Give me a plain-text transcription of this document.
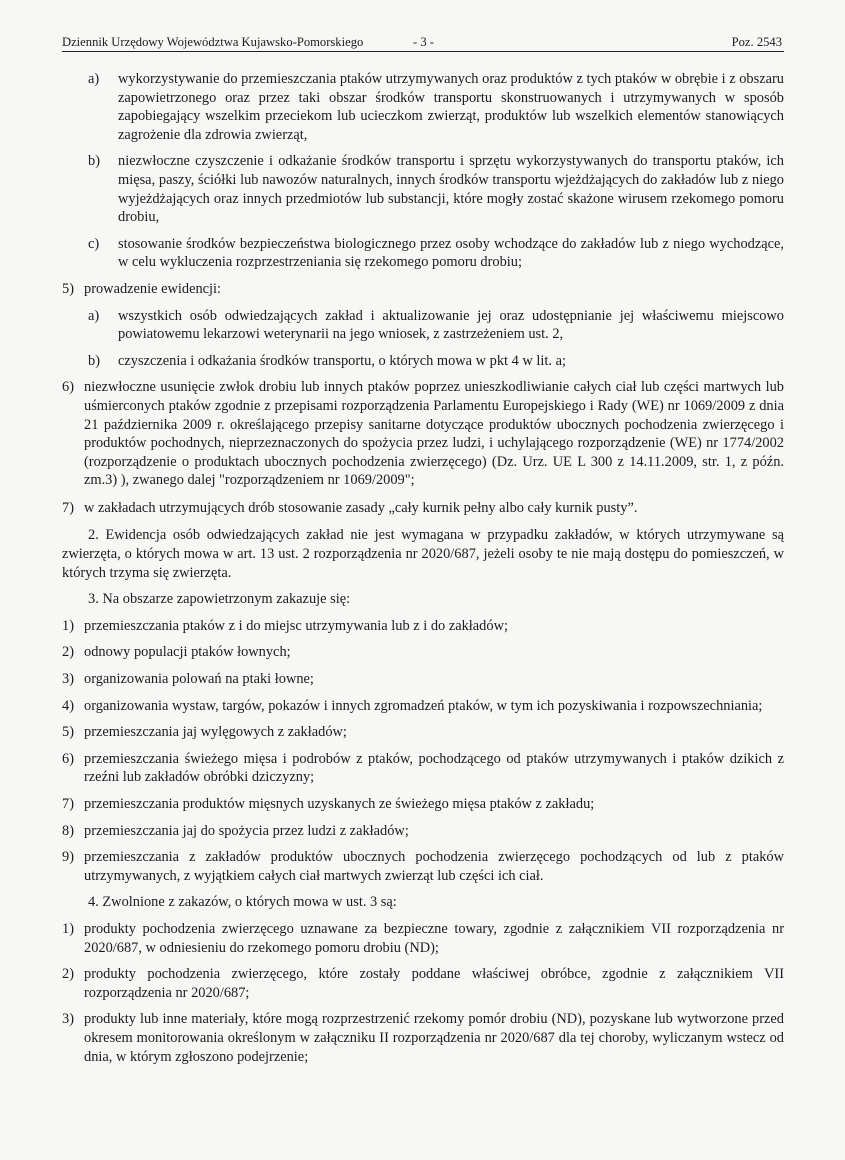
Dziennik Urzędowy Województwa Kujawsko-Pomorskiego	- 3 -	Poz. 2543

a) wykorzystywanie do przemieszczania ptaków utrzymywanych oraz produktów z tych ptaków w obrębie i z obszaru zapowietrzonego oraz przez taki obszar środków transportu skonstruowanych i utrzymywanych w sposób zapobiegający wszelkim przeciekom lub ucieczkom zwierząt, produktów lub wszelkich elementów stanowiących zagrożenie dla zdrowia zwierząt,

b) niezwłoczne czyszczenie i odkażanie środków transportu i sprzętu wykorzystywanych do transportu ptaków, ich mięsa, paszy, ściółki lub nawozów naturalnych, innych środków transportu wjeżdżających do zakładów lub z niego wyjeżdżających oraz innych przedmiotów lub substancji, które mogły zostać skażone wirusem rzekomego pomoru drobiu,

c) stosowanie środków bezpieczeństwa biologicznego przez osoby wchodzące do zakładów lub z niego wychodzące, w celu wykluczenia rozprzestrzeniania się rzekomego pomoru drobiu;

5) prowadzenie ewidencji:

a) wszystkich osób odwiedzających zakład i aktualizowanie jej oraz udostępnianie jej właściwemu miejscowo powiatowemu lekarzowi weterynarii na jego wniosek, z zastrzeżeniem ust. 2,

b) czyszczenia i odkażania środków transportu, o których mowa w pkt 4 w lit. a;

6) niezwłoczne usunięcie zwłok drobiu lub innych ptaków poprzez unieszkodliwianie całych ciał lub części martwych lub uśmierconych ptaków zgodnie z przepisami rozporządzenia Parlamentu Europejskiego i Rady (WE) nr 1069/2009 z dnia 21 października 2009 r. określającego przepisy sanitarne dotyczące produktów ubocznych pochodzenia zwierzęcego i produktów pochodnych, nieprzeznaczonych do spożycia przez ludzi, i uchylającego rozporządzenie (WE) nr 1774/2002 (rozporządzenie o produktach ubocznych pochodzenia zwierzęcego) (Dz. Urz. UE L 300 z 14.11.2009, str. 1, z późn. zm.3) ), zwanego dalej "rozporządzeniem nr 1069/2009";

7) w zakładach utrzymujących drób stosowanie zasady „cały kurnik pełny albo cały kurnik pusty”.

2. Ewidencja osób odwiedzających zakład nie jest wymagana w przypadku zakładów, w których utrzymywane są zwierzęta, o których mowa w art. 13 ust. 2 rozporządzenia nr 2020/687, jeżeli osoby te nie mają dostępu do pomieszczeń, w których trzyma się zwierzęta.

3. Na obszarze zapowietrzonym zakazuje się:

1) przemieszczania ptaków z i do miejsc utrzymywania lub z i do zakładów;

2) odnowy populacji ptaków łownych;

3) organizowania polowań na ptaki łowne;

4) organizowania wystaw, targów, pokazów i innych zgromadzeń ptaków, w tym ich pozyskiwania i rozpowszechniania;

5) przemieszczania jaj wylęgowych z zakładów;

6) przemieszczania świeżego mięsa i podrobów z ptaków, pochodzącego od ptaków utrzymywanych i ptaków dzikich z rzeźni lub zakładów obróbki dziczyzny;

7) przemieszczania produktów mięsnych uzyskanych ze świeżego mięsa ptaków z zakładu;

8) przemieszczania jaj do spożycia przez ludzi z zakładów;

9) przemieszczania z zakładów produktów ubocznych pochodzenia zwierzęcego pochodzących od lub z ptaków utrzymywanych, z wyjątkiem całych ciał martwych zwierząt lub części ich ciał.

4. Zwolnione z zakazów, o których mowa w ust. 3 są:

1) produkty pochodzenia zwierzęcego uznawane za bezpieczne towary, zgodnie z załącznikiem VII rozporządzenia nr 2020/687, w odniesieniu do rzekomego pomoru drobiu (ND);

2) produkty pochodzenia zwierzęcego, które zostały poddane właściwej obróbce, zgodnie z załącznikiem VII rozporządzenia nr 2020/687;

3) produkty lub inne materiały, które mogą rozprzestrzenić rzekomy pomór drobiu (ND), pozyskane lub wytworzone przed okresem monitorowania określonym w załączniku II rozporządzenia nr 2020/687 dla tej choroby, wyliczanym wstecz od dnia, w którym zgłoszono podejrzenie;
